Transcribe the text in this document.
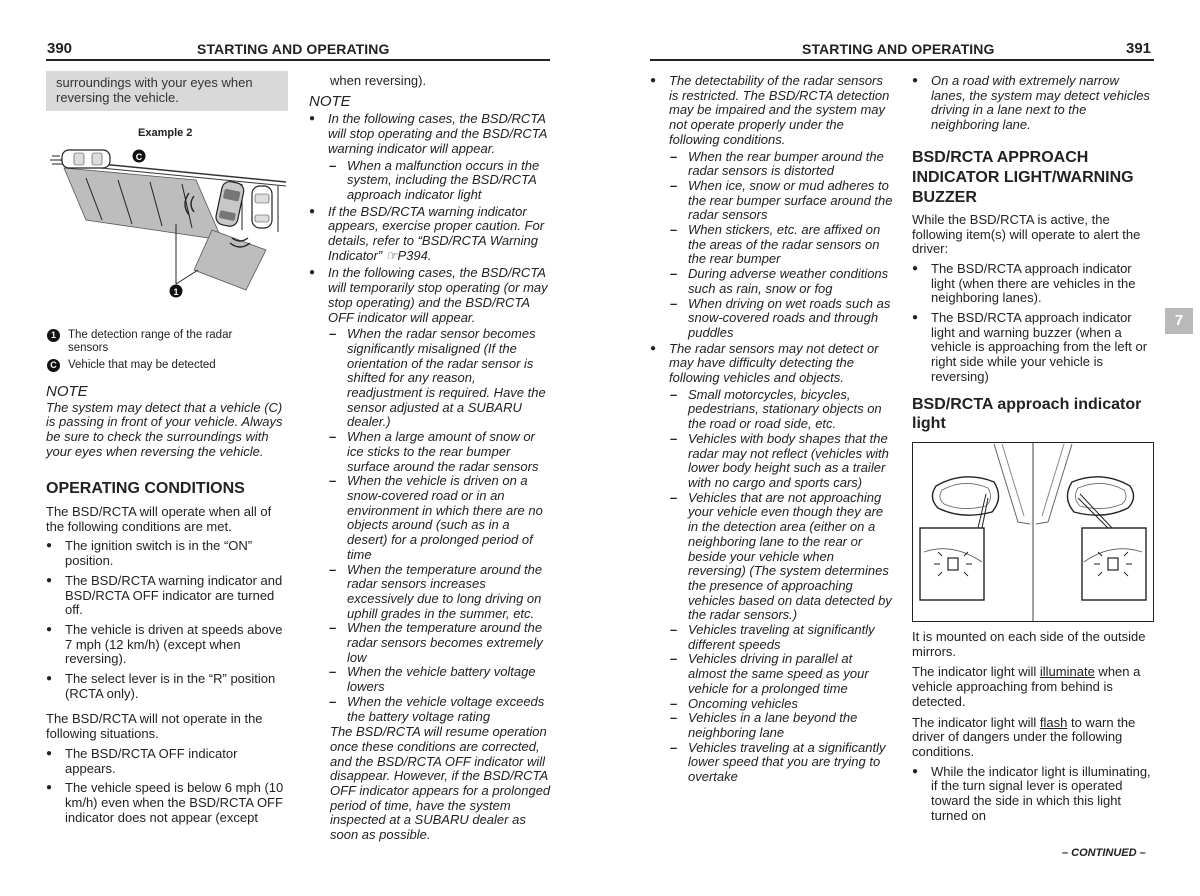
390	STARTING AND OPERATING	STARTING AND OPERATING	391
surroundings with your eyes when reversing the vehicle.
Example 2
C
1
1	The detection range of the radar sensors
C Vehicle that may be detected

NOTE

The system may detect that a vehicle (C) is passing in front of your vehicle. Always be sure to check the surroundings with your eyes when reversing the vehicle.

OPERATING CONDITIONS

The BSD/RCTA will operate when all of the following conditions are met.

● The ignition switch is in the “ON” position.

● The BSD/RCTA warning indicator and BSD/RCTA OFF indicator are turned off.

● The vehicle is driven at speeds above 7 mph (12 km/h) (except when reversing).

● The select lever is in the “R” position (RCTA only).

The BSD/RCTA will not operate in the following situations.

● The BSD/RCTA OFF indicator appears.

● The vehicle speed is below 6 mph (10 km/h) even when the BSD/RCTA OFF indicator does not appear (except

when reversing).

NOTE

● In the following cases, the BSD/RCTA will stop operating and the BSD/RCTA warning indicator will appear.

– When a malfunction occurs in the system, including the BSD/RCTA approach indicator light

● If the BSD/RCTA warning indicator appears, exercise proper caution. For details, refer to “BSD/RCTA Warning Indicator” ☞P394.

● In the following cases, the BSD/RCTA will temporarily stop operating (or may stop operating) and the BSD/RCTA OFF indicator will appear.

– When the radar sensor becomes significantly misaligned (If the orientation of the radar sensor is shifted for any reason, readjustment is required. Have the sensor adjusted at a SUBARU dealer.)

– When a large amount of snow or ice sticks to the rear bumper surface around the radar sensors

– When the vehicle is driven on a snow-covered road or in an environment in which there are no objects around (such as in a desert) for a prolonged period of time

– When the temperature around the radar sensors increases excessively due to long driving on uphill grades in the summer, etc.

– When the temperature around the radar sensors becomes extremely low

– When the vehicle battery voltage lowers

– When the vehicle voltage exceeds the battery voltage rating

The BSD/RCTA will resume operation once these conditions are corrected, and the BSD/RCTA OFF indicator will disappear. However, if the BSD/RCTA OFF indicator appears for a prolonged period of time, have the system inspected at a SUBARU dealer as soon as possible.

● The detectability of the radar sensors is restricted. The BSD/RCTA detection may be impaired and the system may not operate properly under the following conditions.

– When the rear bumper around the radar sensors is distorted

– When ice, snow or mud adheres to the rear bumper surface around the radar sensors

– When stickers, etc. are affixed on the areas of the radar sensors on the rear bumper

– During adverse weather conditions such as rain, snow or fog

– When driving on wet roads such as snow-covered roads and through puddles

● The radar sensors may not detect or may have difficulty detecting the following vehicles and objects.

– Small motorcycles, bicycles, pedestrians, stationary objects on the road or road side, etc.

– Vehicles with body shapes that the radar may not reflect (vehicles with lower body height such as a trailer with no cargo and sports cars)

– Vehicles that are not approaching your vehicle even though they are in the detection area (either on a neighboring lane to the rear or beside your vehicle when reversing) (The system determines the presence of approaching vehicles based on data detected by the radar sensors.)

– Vehicles traveling at significantly different speeds

– Vehicles driving in parallel at almost the same speed as your vehicle for a prolonged time

– Oncoming vehicles

– Vehicles in a lane beyond the neighboring lane

– Vehicles traveling at a significantly lower speed that you are trying to overtake

● On a road with extremely narrow lanes, the system may detect vehicles driving in a lane next to the neighboring lane.

BSD/RCTA APPROACH INDICATOR LIGHT/WARNING BUZZER

While the BSD/RCTA is active, the following item(s) will operate to alert the driver:

● The BSD/RCTA approach indicator light (when there are vehicles in the neighboring lanes).

● The BSD/RCTA approach indicator light and warning buzzer (when a vehicle is approaching from the left or right side while your vehicle is reversing)

BSD/RCTA approach indicator light

It is mounted on each side of the outside mirrors.

The indicator light will illuminate when a vehicle approaching from behind is detected.

The indicator light will flash to warn the driver of dangers under the following conditions.

● While the indicator light is illuminating, if the turn signal lever is operated toward the side in which this light turned on

7
– CONTINUED –
